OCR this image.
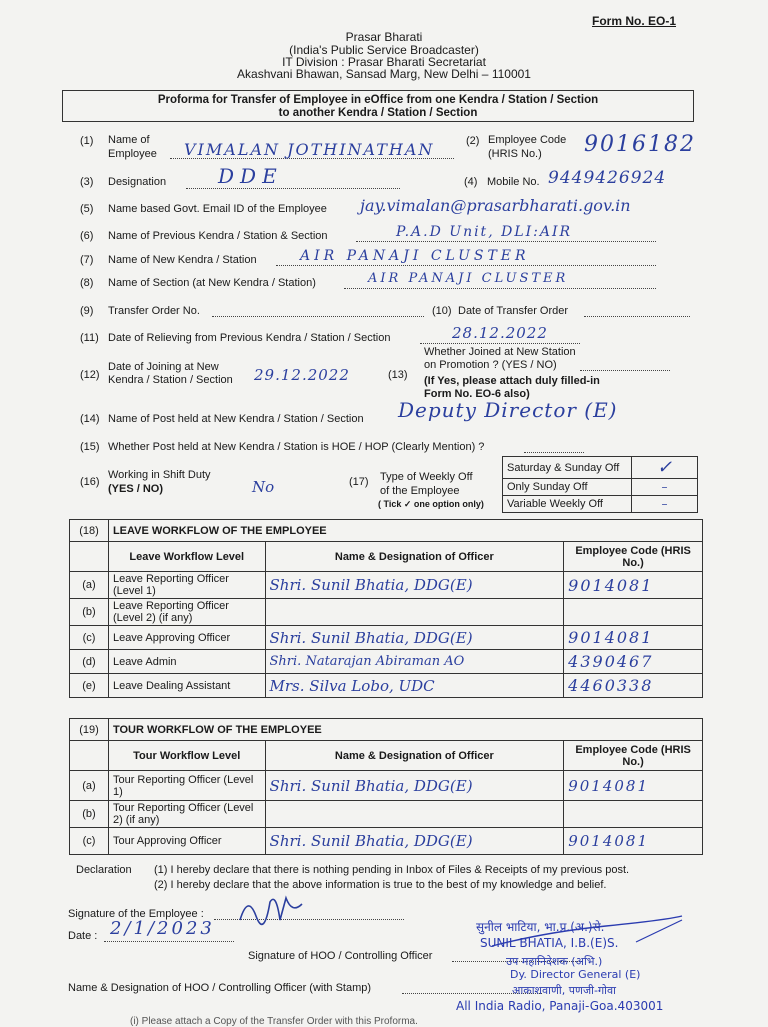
Form No. EO-1
Prasar Bharati
(India's Public Service Broadcaster)
IT Division : Prasar Bharati Secretariat
Akashvani Bhawan, Sansad Marg, New Delhi – 110001
Proforma for Transfer of Employee in eOffice from one Kendra / Station / Section
to another Kendra / Station / Section
(1) Name of
Employee VIMALAN JOTHINATHAN	(2) Employee Code
(HRIS No.) 9016182
(3) Designation	DDE	(4) Mobile No. 9449426924
(5) Name based Govt. Email ID of the Employee jay.vimalan@prasarbharati.gov.in
(6) Name of Previous Kendra / Station & Section	P.A.D Unit, DLI:AIR
(7) Name of New Kendra / Station	AIR PANAJI CLUSTER
(8) Name of Section (at New Kendra / Station)	AIR PANAJI CLUSTER
(9) Transfer Order No.	(10) Date of Transfer Order
(11) Date of Relieving from Previous Kendra / Station / Section	28.12.2022
(12)
Date of Joining at New
Kendra / Station / Section 29.12.2022	(13)
Whether Joined at New Station
on Promotion ? (YES / NO)
(If Yes, please attach duly filled-in
Form No. EO-6 also)
(14) Name of Post held at New Kendra / Station / Section Deputy Director (E)
(15) Whether Post held at New Kendra / Station is HOE / HOP (Clearly Mention) ?
(16)
Working in Shift Duty
(YES / NO)	No	(17) Type of Weekly Off
of the Employee
( Tick ✓ one option only)
Saturday & Sunday Off	✓
Only Sunday Off	–
Variable Weekly Off	–
(18)	LEAVE WORKFLOW OF THE EMPLOYEE		
	Leave Workflow Level	Name & Designation of Officer	Employee Code (HRIS No.)
(a)	Leave Reporting Officer (Level 1)	Shri. Sunil Bhatia, DDG(E)	9014081
(b)	Leave Reporting Officer (Level 2) (if any)		
(c)	Leave Approving Officer	Shri. Sunil Bhatia, DDG(E)	9014081
(d)	Leave Admin	Shri. Natarajan Abiraman AO	4390467
(e)	Leave Dealing Assistant	Mrs. Silva Lobo, UDC	4460338
(19)	TOUR WORKFLOW OF THE EMPLOYEE		
	Tour Workflow Level	Name & Designation of Officer	Employee Code (HRIS No.)
(a)	Tour Reporting Officer (Level 1)	Shri. Sunil Bhatia, DDG(E)	9014081
(b)	Tour Reporting Officer (Level 2) (if any)		
(c)	Tour Approving Officer	Shri. Sunil Bhatia, DDG(E)	9014081
Declaration (1) I hereby declare that there is nothing pending in Inbox of Files & Receipts of my previous post.
(2) I hereby declare that the above information is true to the best of my knowledge and belief.
Signature of the Employee :
Date : 2/1/2023
Signature of HOO / Controlling Officer
Name & Designation of HOO / Controlling Officer (with Stamp)
सुनील भाटिया, भा.प्र.(अ.)से.
SUNIL BHATIA, I.B.(E)S.
उप महानिदेशक (अभि.)
Dy. Director General (E)
आकाशवाणी, पणजी-गोवा
All India Radio, Panaji-Goa.403001
(i) Please attach a Copy of the Transfer Order with this Proforma.
